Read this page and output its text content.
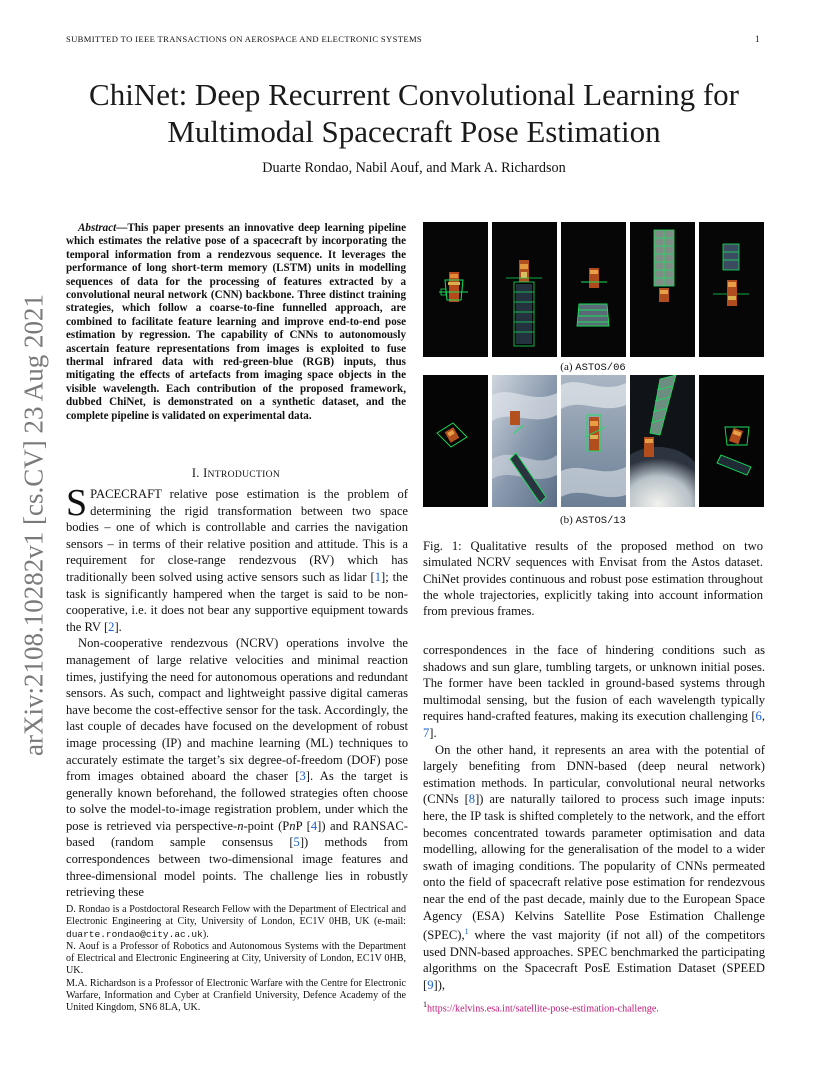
SUBMITTED TO IEEE TRANSACTIONS ON AEROSPACE AND ELECTRONIC SYSTEMS	1
arXiv:2108.10282v1 [cs.CV] 23 Aug 2021
ChiNet: Deep Recurrent Convolutional Learning for
Multimodal Spacecraft Pose Estimation
Duarte Rondao, Nabil Aouf, and Mark A. Richardson
Abstract—This paper presents an innovative deep learning pipeline which estimates the relative pose of a spacecraft by incorporating the temporal information from a rendezvous sequence. It leverages the performance of long short-term memory (LSTM) units in modelling sequences of data for the processing of features extracted by a convolutional neural network (CNN) backbone. Three distinct training strategies, which follow a coarse-to-fine funnelled approach, are combined to facilitate feature learning and improve end-to-end pose estimation by regression. The capability of CNNs to autonomously ascertain feature representations from images is exploited to fuse thermal infrared data with red-green-blue (RGB) inputs, thus mitigating the effects of artefacts from imaging space objects in the visible wavelength. Each contribution of the proposed framework, dubbed ChiNet, is demonstrated on a synthetic dataset, and the complete pipeline is validated on experimental data.
I. INTRODUCTION

SPACECRAFT relative pose estimation is the problem of determining the rigid transformation between two space bodies – one of which is controllable and carries the navigation sensors – in terms of their relative position and attitude. This is a requirement for close-range rendezvous (RV) which has traditionally been solved using active sensors such as lidar [1]; the task is significantly hampered when the target is said to be non-cooperative, i.e. it does not bear any supportive equipment towards the RV [2].

Non-cooperative rendezvous (NCRV) operations involve the management of large relative velocities and minimal reaction times, justifying the need for autonomous operations and redundant sensors. As such, compact and lightweight passive digital cameras have become the cost-effective sensor for the task. Accordingly, the last couple of decades have focused on the development of robust image processing (IP) and machine learning (ML) techniques to accurately estimate the target’s six degree-of-freedom (DOF) pose from images obtained aboard the chaser [3]. As the target is generally known beforehand, the followed strategies often choose to solve the model-to-image registration problem, under which the pose is retrieved via perspective-n-point (PnP [4]) and RANSAC-based (random sample consensus [5]) methods from correspondences between two-dimensional image features and three-dimensional model points. The challenge lies in robustly retrieving these

D. Rondao is a Postdoctoral Research Fellow with the Department of Electrical and Electronic Engineering at City, University of London, EC1V 0HB, UK (e-mail: duarte.rondao@city.ac.uk).

N. Aouf is a Professor of Robotics and Autonomous Systems with the Department of Electrical and Electronic Engineering at City, University of London, EC1V 0HB, UK.

M.A. Richardson is a Professor of Electronic Warfare with the Centre for Electronic Warfare, Information and Cyber at Cranfield University, Defence Academy of the United Kingdom, SN6 8LA, UK.

(a) ASTOS/06
(b) ASTOS/13
Fig. 1: Qualitative results of the proposed method on two simulated NCRV sequences with Envisat from the Astos dataset. ChiNet provides continuous and robust pose estimation throughout the whole trajectories, explicitly taking into account information from previous frames.

correspondences in the face of hindering conditions such as shadows and sun glare, tumbling targets, or unknown initial poses. The former have been tackled in ground-based systems through multimodal sensing, but the fusion of each wavelength typically requires hand-crafted features, making its execution challenging [6, 7].

On the other hand, it represents an area with the potential of largely benefiting from DNN-based (deep neural network) estimation methods. In particular, convolutional neural networks (CNNs [8]) are naturally tailored to process such image inputs: here, the IP task is shifted completely to the network, and the effort becomes concentrated towards parameter optimisation and data modelling, allowing for the generalisation of the model to a wider swath of imaging conditions. The popularity of CNNs permeated onto the field of spacecraft relative pose estimation for rendezvous near the end of the past decade, mainly due to the European Space Agency (ESA) Kelvins Satellite Pose Estimation Challenge (SPEC),$^1$ where the vast majority (if not all) of the competitors used DNN-based approaches. SPEC benchmarked the participating algorithms on the Spacecraft PosE Estimation Dataset (SPEED [9]),

$^1$https://kelvins.esa.int/satellite-pose-estimation-challenge.
